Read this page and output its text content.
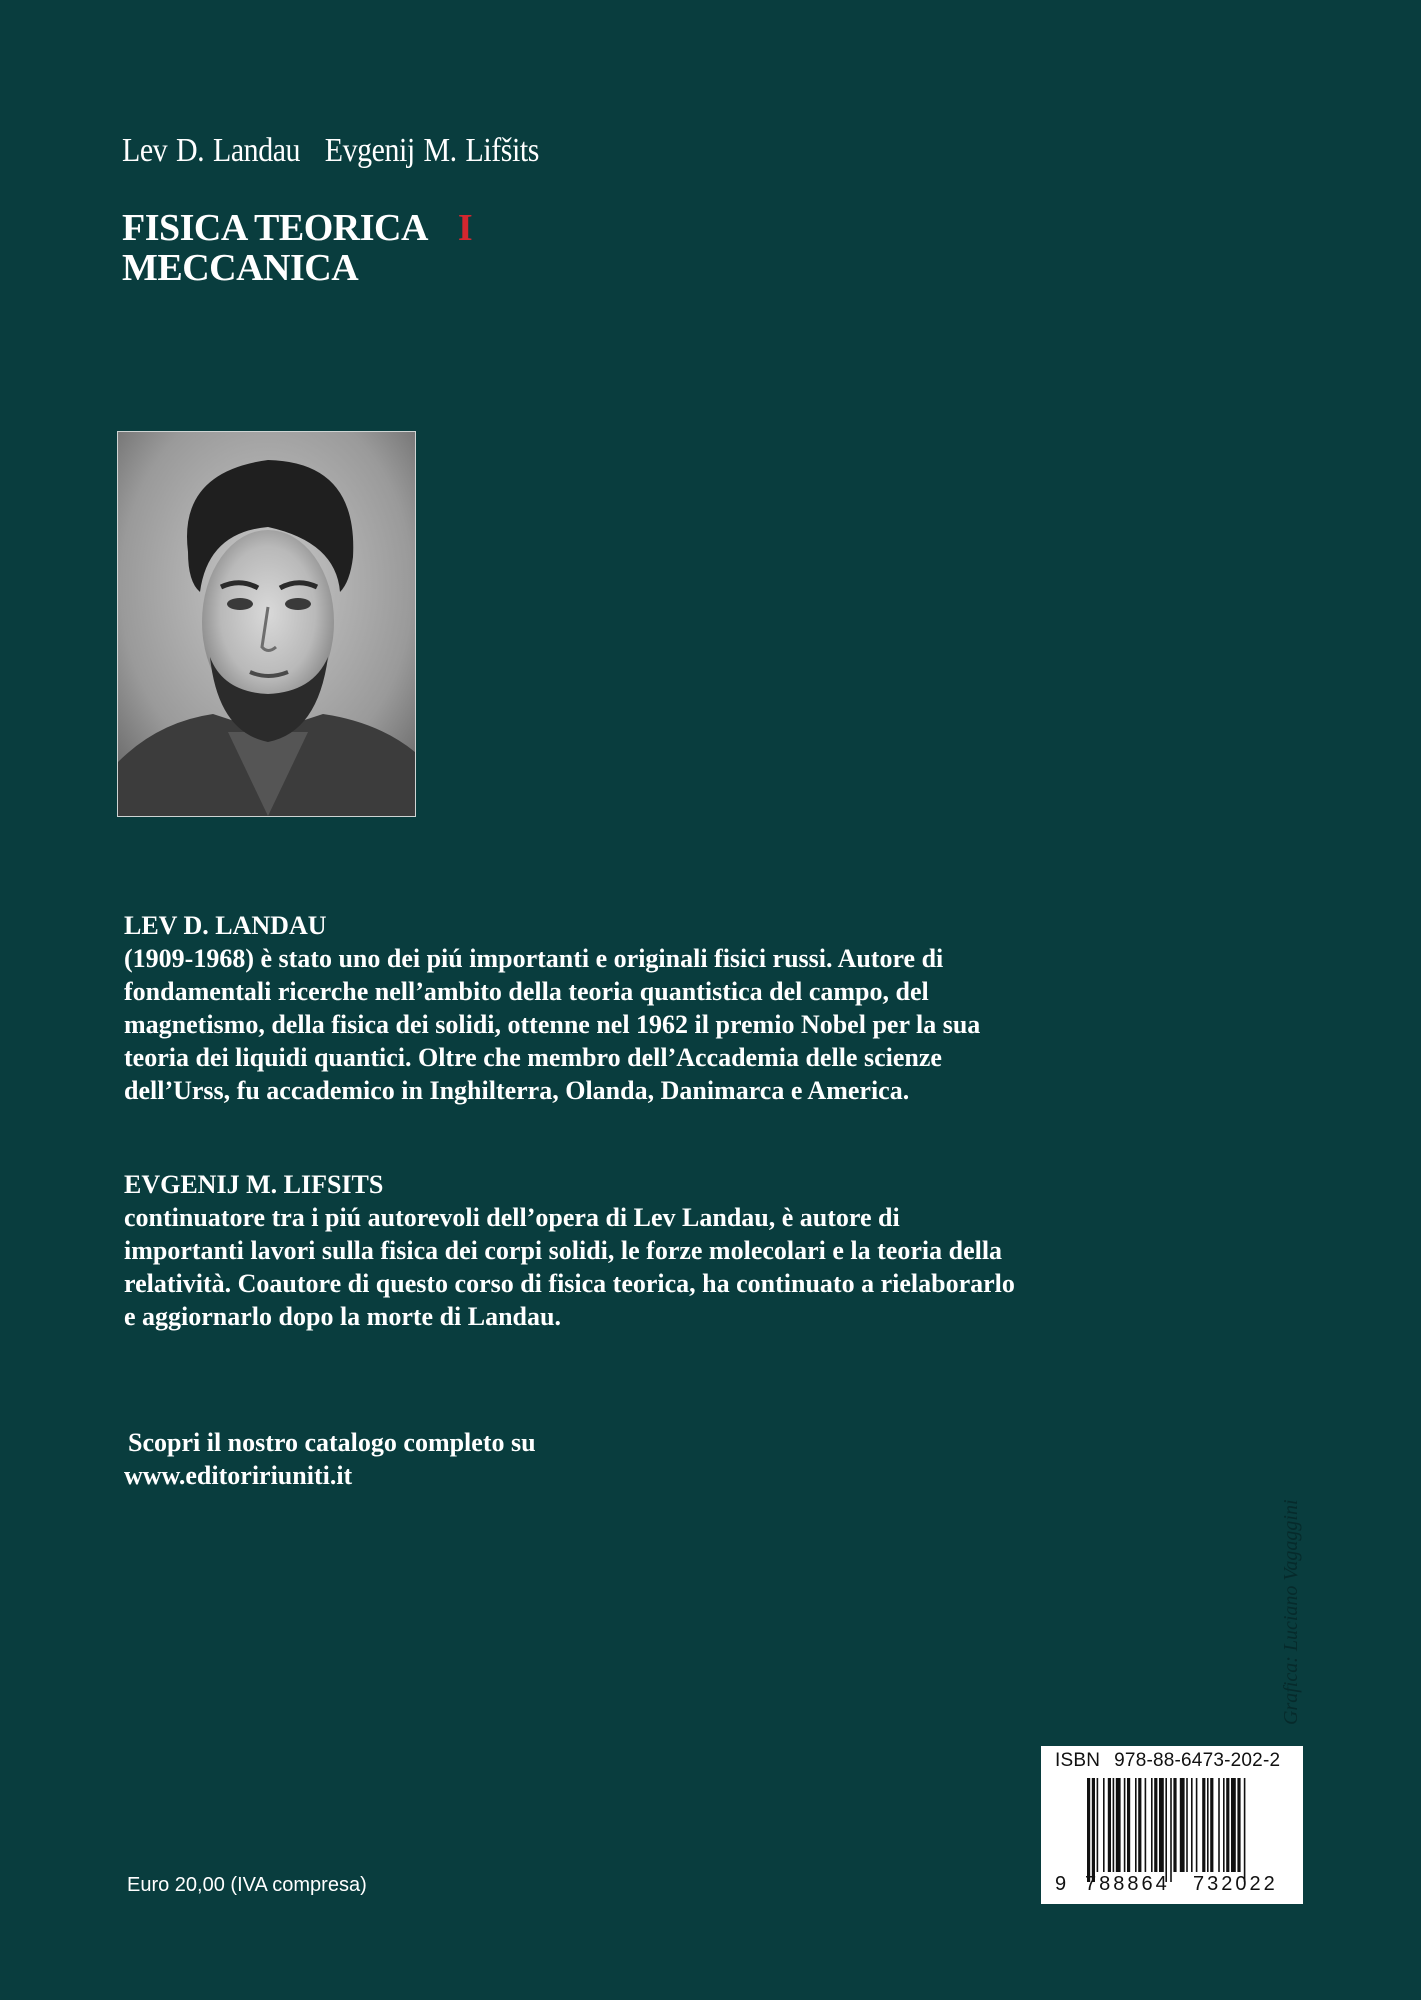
Lev D. Landau Evgenij M. Lifšits
FISICA TEORICA I
MECCANICA
LEV D. LANDAU
(1909-1968) è stato uno dei piú importanti e originali fisici russi. Autore di fondamentali ricerche nell’ambito della teoria quantistica del campo, del magnetismo, della fisica dei solidi, ottenne nel 1962 il premio Nobel per la sua teoria dei liquidi quantici. Oltre che membro dell’Accademia delle scienze dell’Urss, fu accademico in Inghilterra, Olanda, Danimarca e America.
EVGENIJ M. LIFSITS
continuatore tra i piú autorevoli dell’opera di Lev Landau, è autore di importanti lavori sulla fisica dei corpi solidi, le forze molecolari e la teoria della relatività. Coautore di questo corso di fisica teorica, ha continuato a rielaborarlo e aggiornarlo dopo la morte di Landau.
Scopri il nostro catalogo completo su
www.editoririuniti.it
Euro 20,00 (IVA compresa)
Grafica: Luciano Vagaggini
ISBN 978-88-6473-202-2
9 788864 732022
